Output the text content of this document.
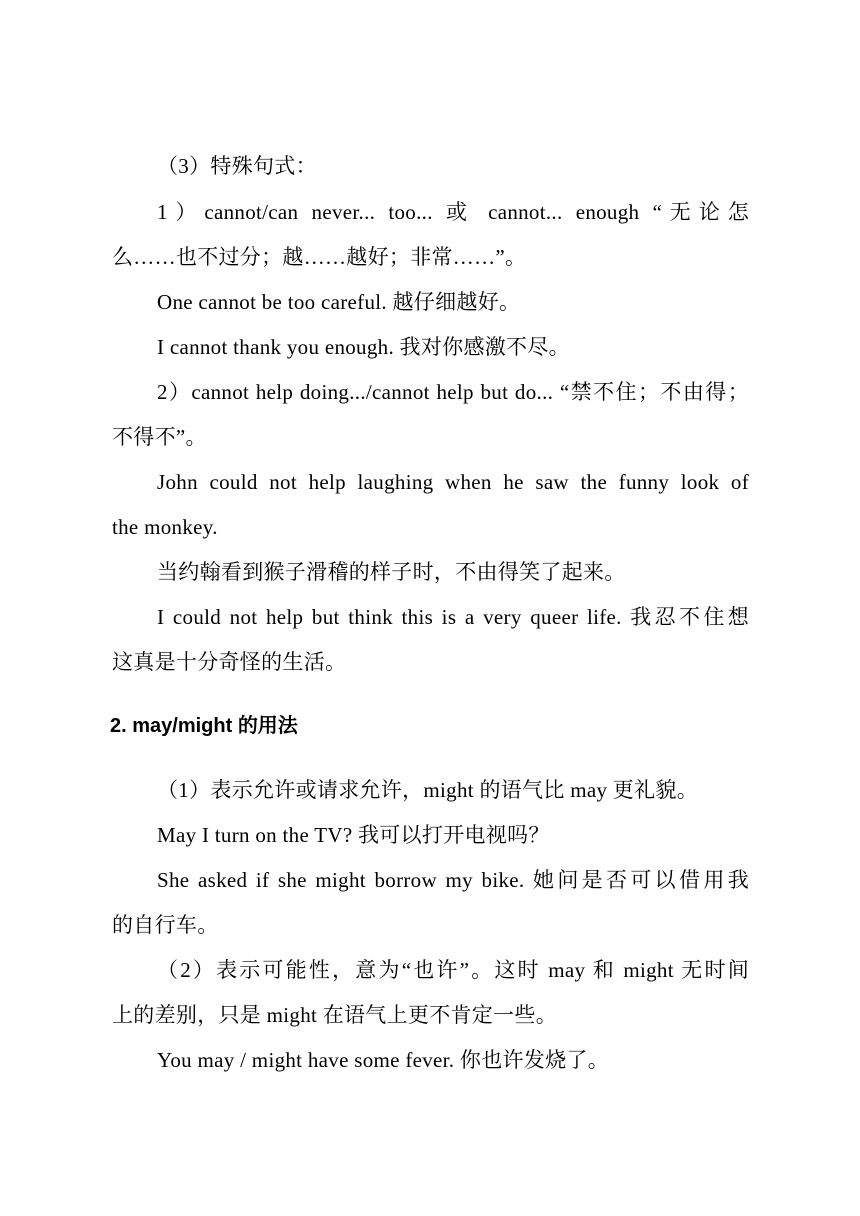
（3）特殊句式：
1）cannot/can never... too... 或 cannot... enough “无论怎
么……也不过分；越……越好；非常……”。
One cannot be too careful. 越仔细越好。
I cannot thank you enough. 我对你感激不尽。
2）cannot help doing.../cannot help but do... “禁不住；不由得；
不得不”。
John could not help laughing when he saw the funny look of
the monkey.
当约翰看到猴子滑稽的样子时，不由得笑了起来。
I could not help but think this is a very queer life. 我忍不住想
这真是十分奇怪的生活。
2. may/might 的用法
（1）表示允许或请求允许，might 的语气比 may 更礼貌。
May I turn on the TV? 我可以打开电视吗？
She asked if she might borrow my bike. 她问是否可以借用我
的自行车。
（2）表示可能性，意为“也许”。这时 may 和 might 无时间
上的差别，只是 might 在语气上更不肯定一些。
You may / might have some fever. 你也许发烧了。
